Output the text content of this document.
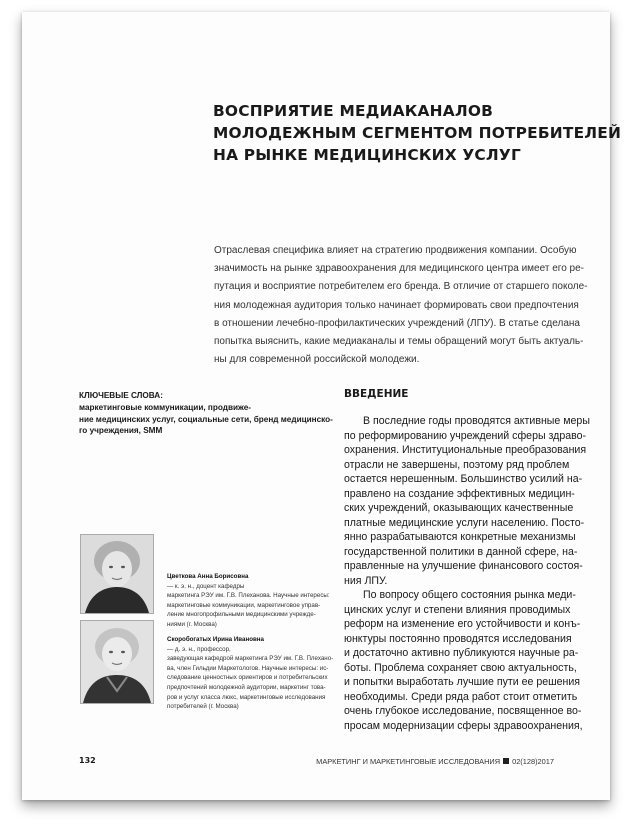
ВОСПРИЯТИЕ МЕДИАКАНАЛОВ
МОЛОДЕЖНЫМ СЕГМЕНТОМ ПОТРЕБИТЕЛЕЙ
НА РЫНКЕ МЕДИЦИНСКИХ УСЛУГ
Отраслевая специфика влияет на стратегию продвижения компании. Особую
значимость на рынке здравоохранения для медицинского центра имеет его ре-
путация и восприятие потребителем его бренда. В отличие от старшего поколе-
ния молодежная аудитория только начинает формировать свои предпочтения
в отношении лечебно-профилактических учреждений (ЛПУ). В статье сделана
попытка выяснить, какие медиаканалы и темы обращений могут быть актуаль-
ны для современной российской молодежи.
КЛЮЧЕВЫЕ СЛОВА:
маркетинговые коммуникации, продвиже-
ние медицинских услуг, социальные сети, бренд медицинско-
го учреждения, SMM
ВВЕДЕНИЕ
В последние годы проводятся активные меры
по реформированию учреждений сферы здраво-
охранения. Институциональные преобразования
отрасли не завершены, поэтому ряд проблем
остается нерешенным. Большинство усилий на-
правлено на создание эффективных медицин-
ских учреждений, оказывающих качественные
платные медицинские услуги населению. Посто-
янно разрабатываются конкретные механизмы
государственной политики в данной сфере, на-
правленные на улучшение финансового состоя-
ния ЛПУ.
По вопросу общего состояния рынка меди-
цинских услуг и степени влияния проводимых
реформ на изменение его устойчивости и конъ-
юнктуры постоянно проводятся исследования
и достаточно активно публикуются научные ра-
боты. Проблема сохраняет свою актуальность,
и попытки выработать лучшие пути ее решения
необходимы. Среди ряда работ стоит отметить
очень глубокое исследование, посвященное во-
просам модернизации сферы здравоохранения,
Цветкова Анна Борисовна
— к. э. н., доцент кафедры
маркетинга РЭУ им. Г.В. Плеханова. Научные интересы:
маркетинговые коммуникации, маркетинговое управ-
ление многопрофильными медицинскими учрежде-
ниями (г. Москва)
Скоробогатых Ирина Ивановна
— д. э. н., профессор,
заведующая кафедрой маркетинга РЭУ им. Г.В. Плехано-
ва, член Гильдии Маркетологов. Научные интересы: ис-
следование ценностных ориентиров и потребительских
предпочтений молодежной аудитории, маркетинг това-
ров и услуг класса люкс, маркетинговые исследования
потребителей (г. Москва)
132	МАРКЕТИНГ И МАРКЕТИНГОВЫЕ ИССЛЕДОВАНИЯ 02(128)2017
